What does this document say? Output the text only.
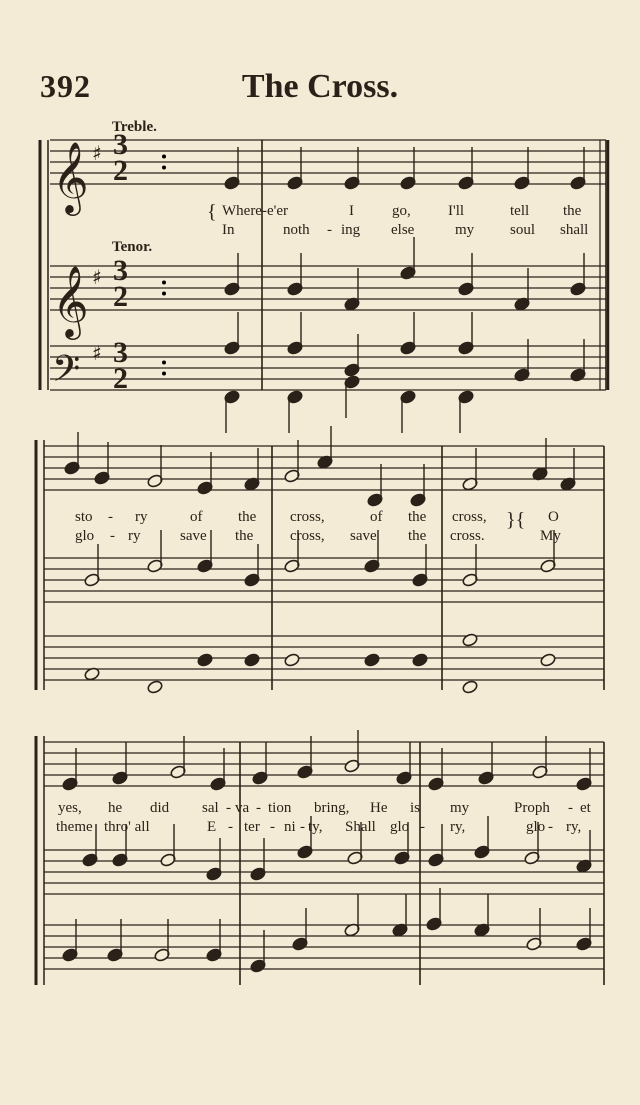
392	The Cross.
Treble.
Tenor.
𝄞
𝄞
𝄢
♯
♯
♯
Where-e'er	I	go, I'll	tell the
In	noth - ing else	my soul shall
{
sto - ry	of the cross,	of the cross,	O
glo - ry	save the cross, save the cross.	My
}{
yes, he did sal - va - tion bring, He is my	Proph - et
theme thro' all	E - ter - ni - ty, Shall glo - ry,	glo - ry,
3
2
3
2
3
2
